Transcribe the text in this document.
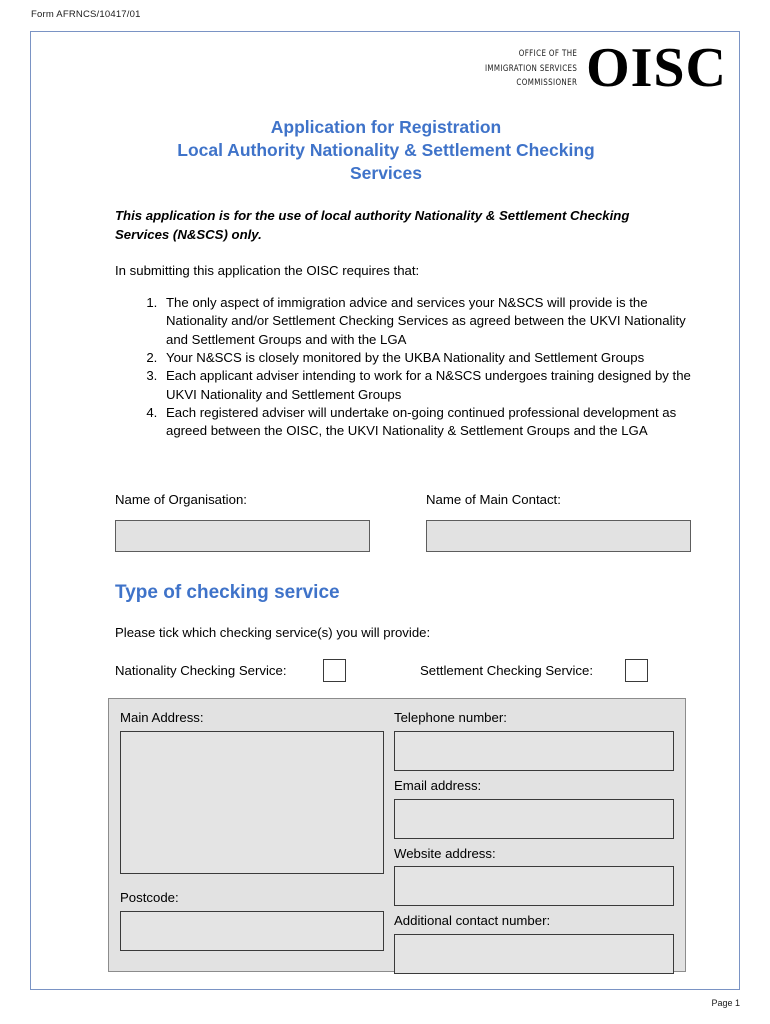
Form AFRNCS/10417/01
OFFICE OF THE
IMMIGRATION SERVICES
COMMISSIONER OISC
Application for Registration
Local Authority Nationality & Settlement Checking
Services
This application is for the use of local authority Nationality & Settlement Checking Services (N&SCS) only.
In submitting this application the OISC requires that:
1. The only aspect of immigration advice and services your N&SCS will provide is the Nationality and/or Settlement Checking Services as agreed between the UKVI Nationality and Settlement Groups and with the LGA
2. Your N&SCS is closely monitored by the UKBA Nationality and Settlement Groups
3. Each applicant adviser intending to work for a N&SCS undergoes training designed by the UKVI Nationality and Settlement Groups
4. Each registered adviser will undertake on-going continued professional development as agreed between the OISC, the UKVI Nationality & Settlement Groups and the LGA
Name of Organisation:	Name of Main Contact:
Type of checking service
Please tick which checking service(s) you will provide:
Nationality Checking Service:	Settlement Checking Service:
Main Address:
Postcode:
Telephone number:
Email address:
Website address:
Additional contact number:
Page 1
